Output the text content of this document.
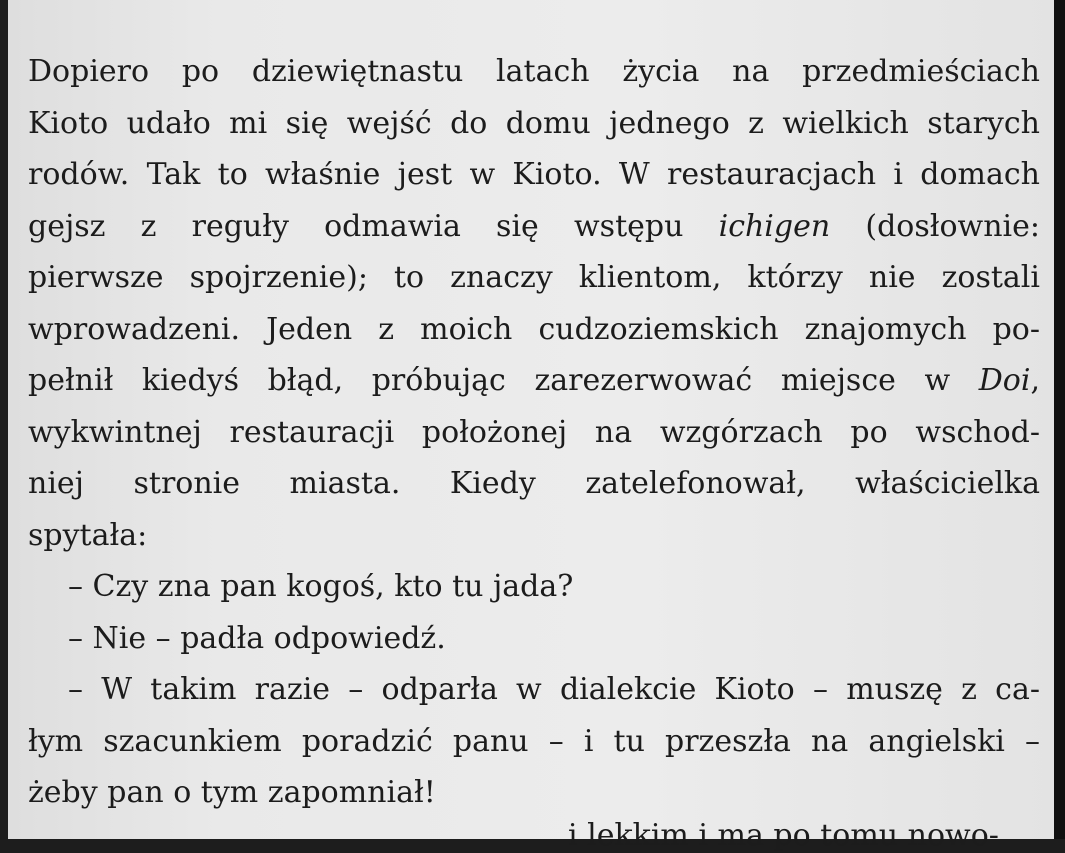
Dopiero po dziewiętnastu latach życia na przedmieściach
Kioto udało mi się wejść do domu jednego z wielkich starych
rodów. Tak to właśnie jest w Kioto. W restauracjach i domach
gejsz z reguły odmawia się wstępu ichigen (dosłownie:
pierwsze spojrzenie); to znaczy klientom, którzy nie zostali
wprowadzeni. Jeden z moich cudzoziemskich znajomych po-
pełnił kiedyś błąd, próbując zarezerwować miejsce w Doi,
wykwintnej restauracji położonej na wzgórzach po wschod-
niej stronie miasta. Kiedy zatelefonował, właścicielka
spytała:
– Czy zna pan kogoś, kto tu jada?
– Nie – padła odpowiedź.
– W takim razie – odparła w dialekcie Kioto – muszę z ca-
łym szacunkiem poradzić panu – i tu przeszła na angielski –
żeby pan o tym zapomniał!
i lekkim i ma po tomu nowo-
